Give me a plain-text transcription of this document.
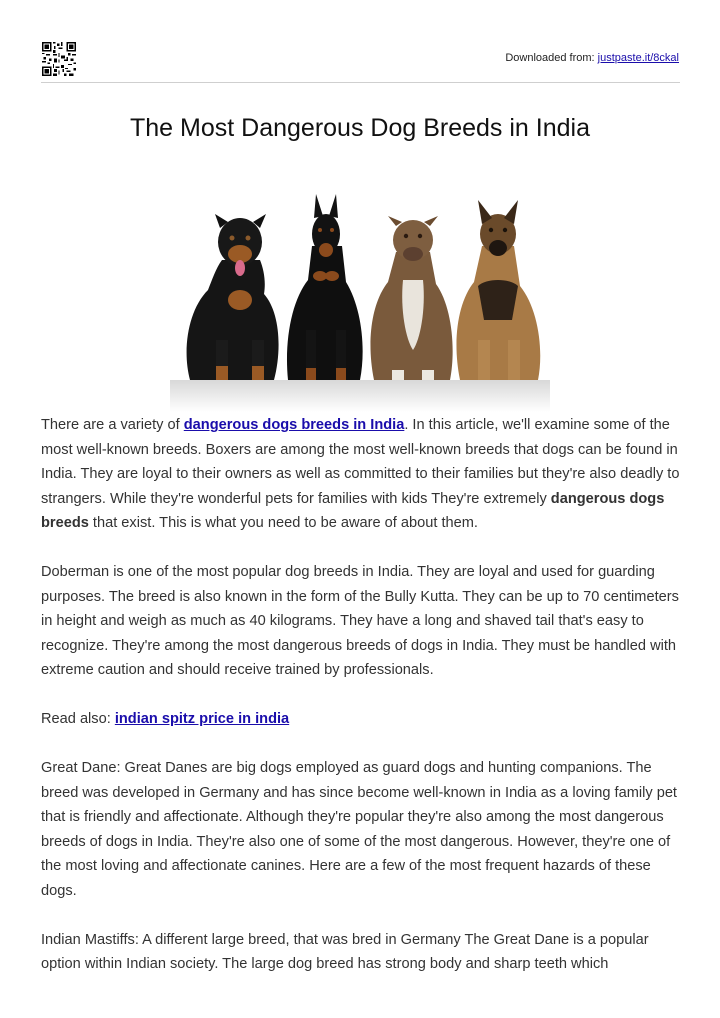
Downloaded from: justpaste.it/8ckal
The Most Dangerous Dog Breeds in India

There are a variety of dangerous dogs breeds in India. In this article, we'll examine some of the most well-known breeds. Boxers are among the most well-known breeds that dogs can be found in India. They are loyal to their owners as well as committed to their families but they're also deadly to strangers. While they're wonderful pets for families with kids They're extremely dangerous dogs breeds that exist. This is what you need to be aware of about them.

Doberman is one of the most popular dog breeds in India. They are loyal and used for guarding purposes. The breed is also known in the form of the Bully Kutta. They can be up to 70 centimeters in height and weigh as much as 40 kilograms. They have a long and shaved tail that's easy to recognize. They're among the most dangerous breeds of dogs in India. They must be handled with extreme caution and should receive trained by professionals.

Read also: indian spitz price in india

Great Dane: Great Danes are big dogs employed as guard dogs and hunting companions. The breed was developed in Germany and has since become well-known in India as a loving family pet that is friendly and affectionate. Although they're popular they're also among the most dangerous breeds of dogs in India. They're also one of some of the most dangerous. However, they're one of the most loving and affectionate canines. Here are a few of the most frequent hazards of these dogs.

Indian Mastiffs: A different large breed, that was bred in Germany The Great Dane is a popular option within Indian society. The large dog breed has strong body and sharp teeth which
